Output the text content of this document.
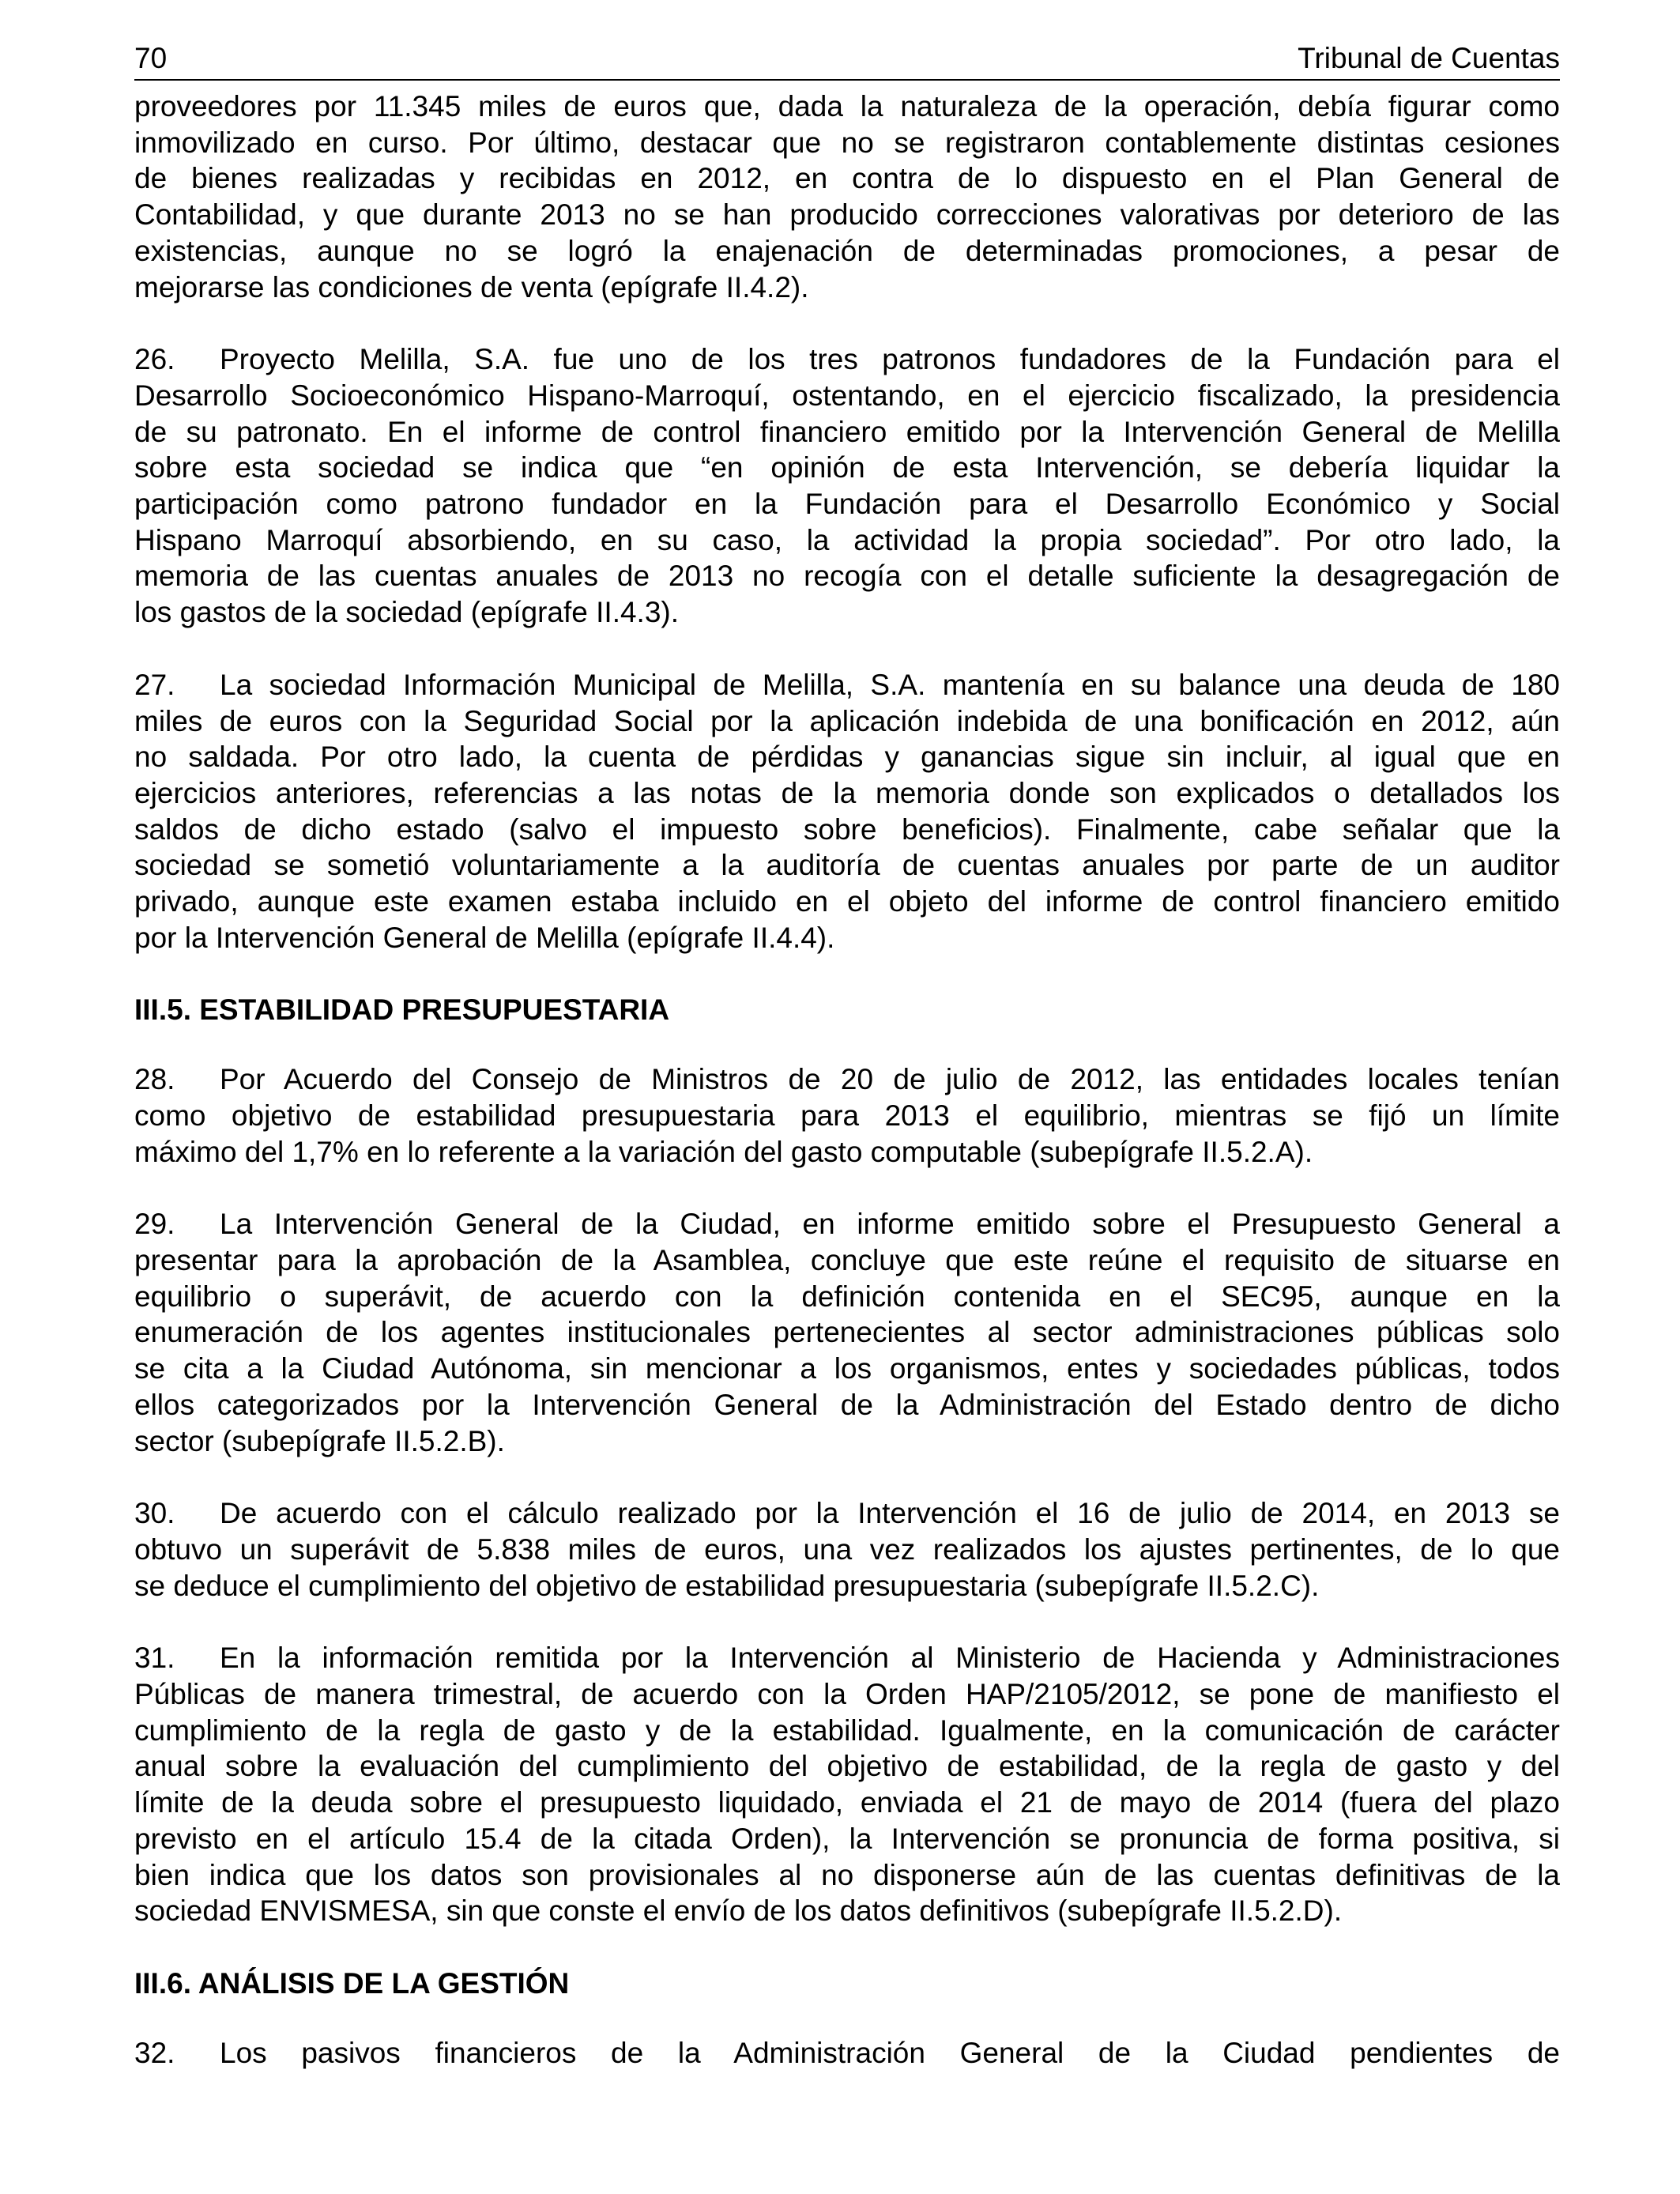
70	Tribunal de Cuentas
proveedores por 11.345 miles de euros que, dada la naturaleza de la operación, debía figurar como
inmovilizado en curso. Por último, destacar que no se registraron contablemente distintas cesiones
de bienes realizadas y recibidas en 2012, en contra de lo dispuesto en el Plan General de
Contabilidad, y que durante 2013 no se han producido correcciones valorativas por deterioro de las
existencias, aunque no se logró la enajenación de determinadas promociones, a pesar de
mejorarse las condiciones de venta (epígrafe II.4.2).
26. Proyecto Melilla, S.A. fue uno de los tres patronos fundadores de la Fundación para el
Desarrollo Socioeconómico Hispano-Marroquí, ostentando, en el ejercicio fiscalizado, la presidencia
de su patronato. En el informe de control financiero emitido por la Intervención General de Melilla
sobre esta sociedad se indica que “en opinión de esta Intervención, se debería liquidar la
participación como patrono fundador en la Fundación para el Desarrollo Económico y Social
Hispano Marroquí absorbiendo, en su caso, la actividad la propia sociedad”. Por otro lado, la
memoria de las cuentas anuales de 2013 no recogía con el detalle suficiente la desagregación de
los gastos de la sociedad (epígrafe II.4.3).
27. La sociedad Información Municipal de Melilla, S.A. mantenía en su balance una deuda de 180
miles de euros con la Seguridad Social por la aplicación indebida de una bonificación en 2012, aún
no saldada. Por otro lado, la cuenta de pérdidas y ganancias sigue sin incluir, al igual que en
ejercicios anteriores, referencias a las notas de la memoria donde son explicados o detallados los
saldos de dicho estado (salvo el impuesto sobre beneficios). Finalmente, cabe señalar que la
sociedad se sometió voluntariamente a la auditoría de cuentas anuales por parte de un auditor
privado, aunque este examen estaba incluido en el objeto del informe de control financiero emitido
por la Intervención General de Melilla (epígrafe II.4.4).
III.5. ESTABILIDAD PRESUPUESTARIA
28. Por Acuerdo del Consejo de Ministros de 20 de julio de 2012, las entidades locales tenían
como objetivo de estabilidad presupuestaria para 2013 el equilibrio, mientras se fijó un límite
máximo del 1,7% en lo referente a la variación del gasto computable (subepígrafe II.5.2.A).
29. La Intervención General de la Ciudad, en informe emitido sobre el Presupuesto General a
presentar para la aprobación de la Asamblea, concluye que este reúne el requisito de situarse en
equilibrio o superávit, de acuerdo con la definición contenida en el SEC95, aunque en la
enumeración de los agentes institucionales pertenecientes al sector administraciones públicas solo
se cita a la Ciudad Autónoma, sin mencionar a los organismos, entes y sociedades públicas, todos
ellos categorizados por la Intervención General de la Administración del Estado dentro de dicho
sector (subepígrafe II.5.2.B).
30. De acuerdo con el cálculo realizado por la Intervención el 16 de julio de 2014, en 2013 se
obtuvo un superávit de 5.838 miles de euros, una vez realizados los ajustes pertinentes, de lo que
se deduce el cumplimiento del objetivo de estabilidad presupuestaria (subepígrafe II.5.2.C).
31. En la información remitida por la Intervención al Ministerio de Hacienda y Administraciones
Públicas de manera trimestral, de acuerdo con la Orden HAP/2105/2012, se pone de manifiesto el
cumplimiento de la regla de gasto y de la estabilidad. Igualmente, en la comunicación de carácter
anual sobre la evaluación del cumplimiento del objetivo de estabilidad, de la regla de gasto y del
límite de la deuda sobre el presupuesto liquidado, enviada el 21 de mayo de 2014 (fuera del plazo
previsto en el artículo 15.4 de la citada Orden), la Intervención se pronuncia de forma positiva, si
bien indica que los datos son provisionales al no disponerse aún de las cuentas definitivas de la
sociedad ENVISMESA, sin que conste el envío de los datos definitivos (subepígrafe II.5.2.D).
III.6. ANÁLISIS DE LA GESTIÓN
32. Los pasivos financieros de la Administración General de la Ciudad pendientes de
